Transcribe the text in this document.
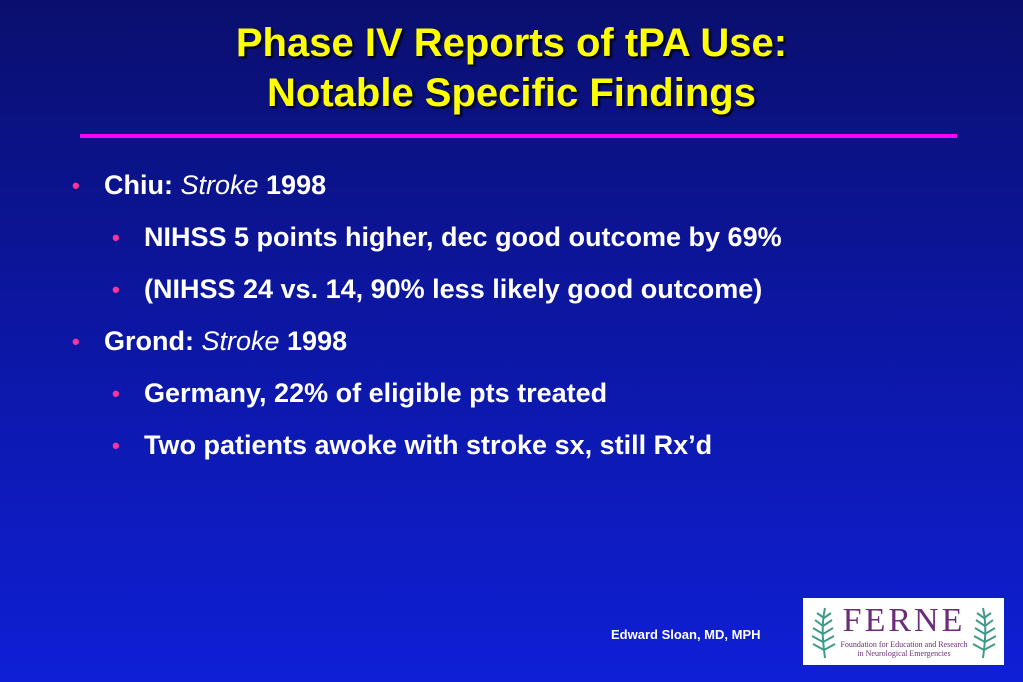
Phase IV Reports of tPA Use:
Notable Specific Findings
• Chiu: Stroke 1998
• NIHSS 5 points higher, dec good outcome by 69%
• (NIHSS 24 vs. 14, 90% less likely good outcome)
• Grond: Stroke 1998
• Germany, 22% of eligible pts treated
• Two patients awoke with stroke sx, still Rx’d
Edward Sloan, MD, MPH FERNE
Foundation for Education and Research
in Neurological Emergencies
